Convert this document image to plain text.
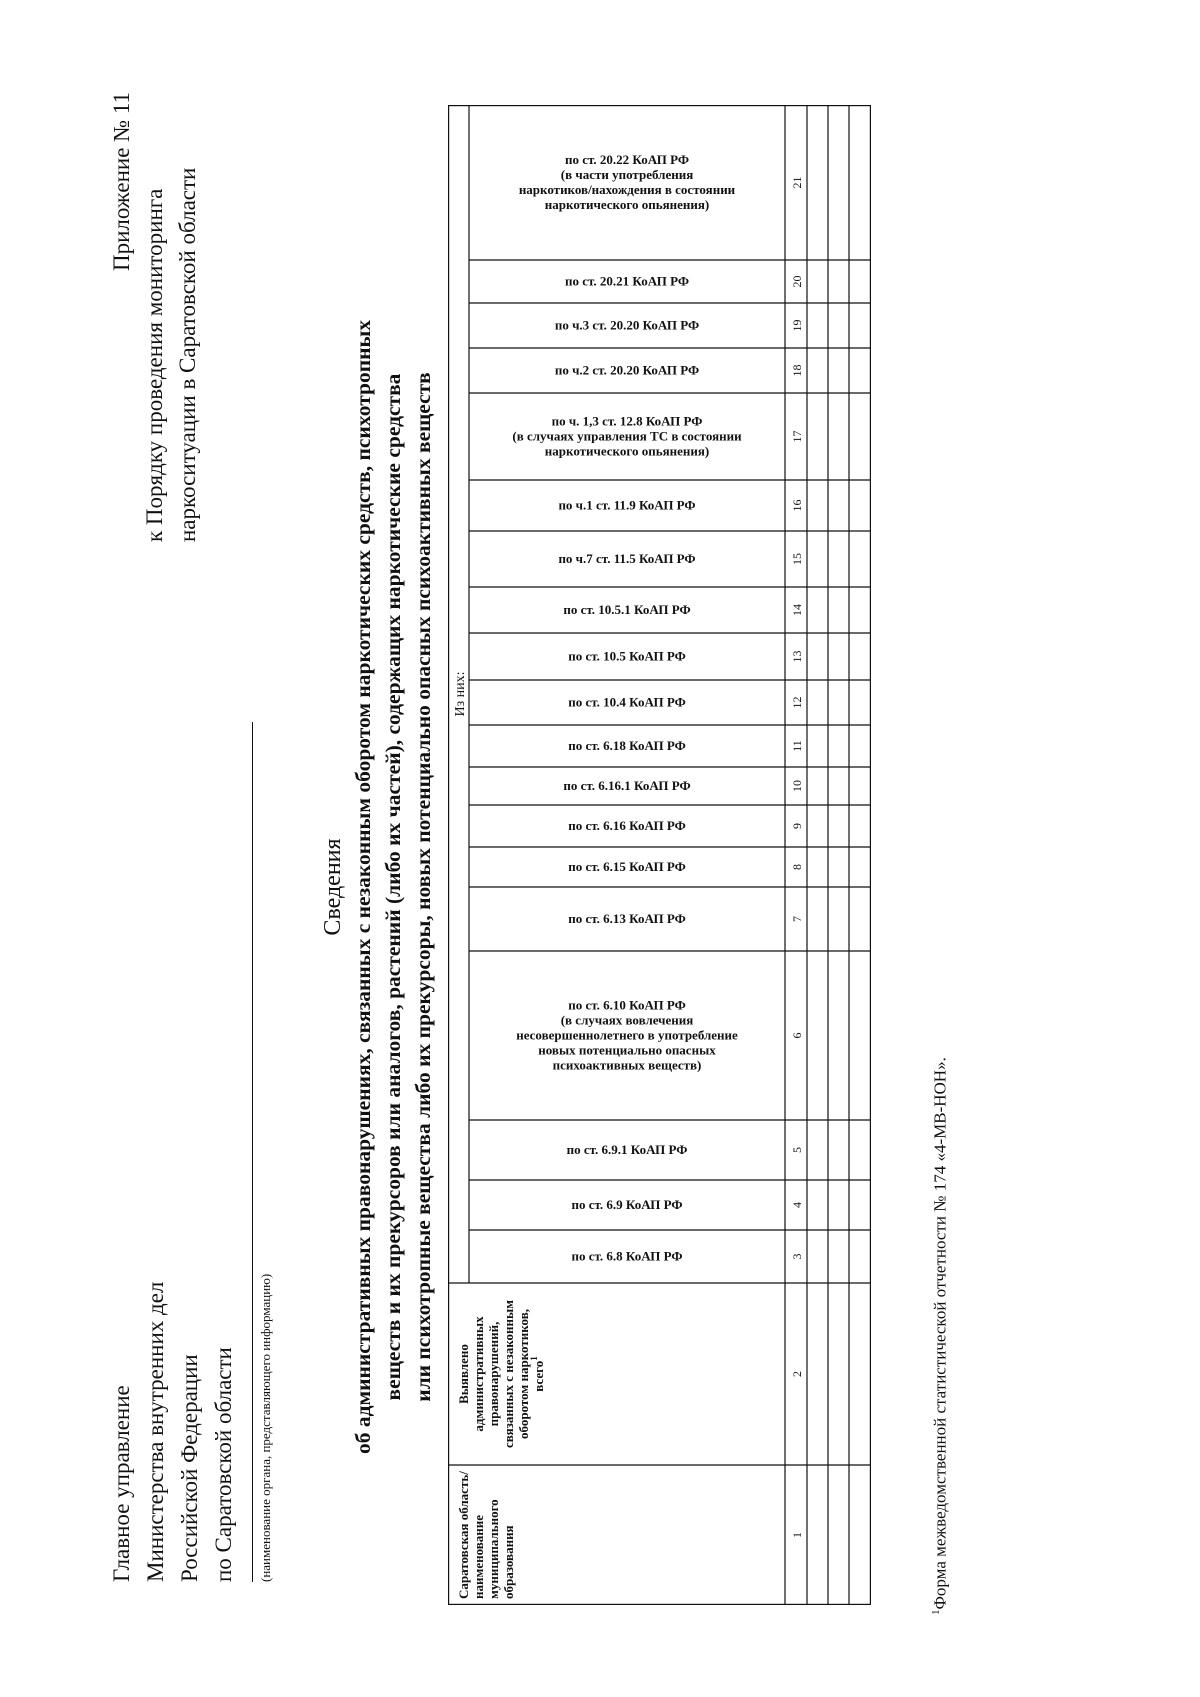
Главное управление Министерства внутренних дел Российской Федерации по Саратовской области	(наименование органа, представляющего информацию)
Приложение № 11
к Порядку проведения мониторинга наркоситуации в Саратовской области
Сведения об административных правонарушениях, связанных с незаконным оборотом наркотических средств, психотропных веществ и их прекурсоров или аналогов, растений (либо их частей), содержащих наркотические средства или психотропные вещества либо их прекурсоры, новых потенциально опасных психоактивных веществ
Саратовская область/ наименование муниципального образования
Выявлено административных правонарушений, связанных с незаконным оборотом наркотиков, всего$^1$
Из них:
по ст. 6.8 КоАП РФ
по ст. 6.9 КоАП РФ
по ст. 6.9.1 КоАП РФ
по ст. 6.10 КоАП РФ
(в случаях вовлечения
несовершеннолетнего в употребление
новых потенциально опасных
психоактивных веществ)
по ст. 6.13 КоАП РФ
по ст. 6.15 КоАП РФ
по ст. 6.16 КоАП РФ
по ст. 6.16.1 КоАП РФ
по ст. 6.18 КоАП РФ
по ст. 10.4 КоАП РФ
по ст. 10.5 КоАП РФ
по ст. 10.5.1 КоАП РФ
по ч.7 ст. 11.5 КоАП РФ
по ч.1 ст. 11.9 КоАП РФ
по ч. 1,3 ст. 12.8 КоАП РФ
(в случаях управления ТС в состоянии
наркотического опьянения)
по ч.2 ст. 20.20 КоАП РФ
по ч.3 ст. 20.20 КоАП РФ
по ст. 20.21 КоАП РФ
по ст. 20.22 КоАП РФ
(в части употребления
наркотиков/нахождения в состоянии
наркотического опьянения)
1
2
3
4
5
6
7
8
9
10
11
12
13
14
15
16
17
18
19
20
21
$^1$Форма межведомственной статистической отчетности № 174 «4-МВ-НОН».
